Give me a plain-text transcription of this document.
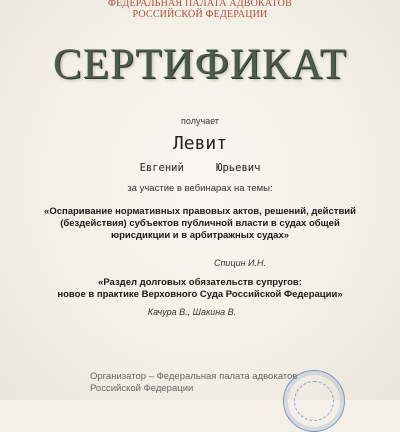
ФЕДЕРАЛЬНАЯ ПАЛАТА АДВОКАТОВ
РОССИЙСКОЙ ФЕДЕРАЦИИ
СЕРТИФИКАТ
получает
Левит
Евгений	Юрьевич
за участие в вебинарах на темы:
«Оспаривание нормативных правовых актов, решений, действий
(бездействия) субъектов публичной власти в судах общей
юрисдикции и в арбитражных судах»
Спицин И.Н.
«Раздел долговых обязательств супругов:
новое в практике Верховного Суда Российской Федерации»
Качура В., Шакина В.
Организатор – Федеральная палата адвокатов
Российской Федерации
